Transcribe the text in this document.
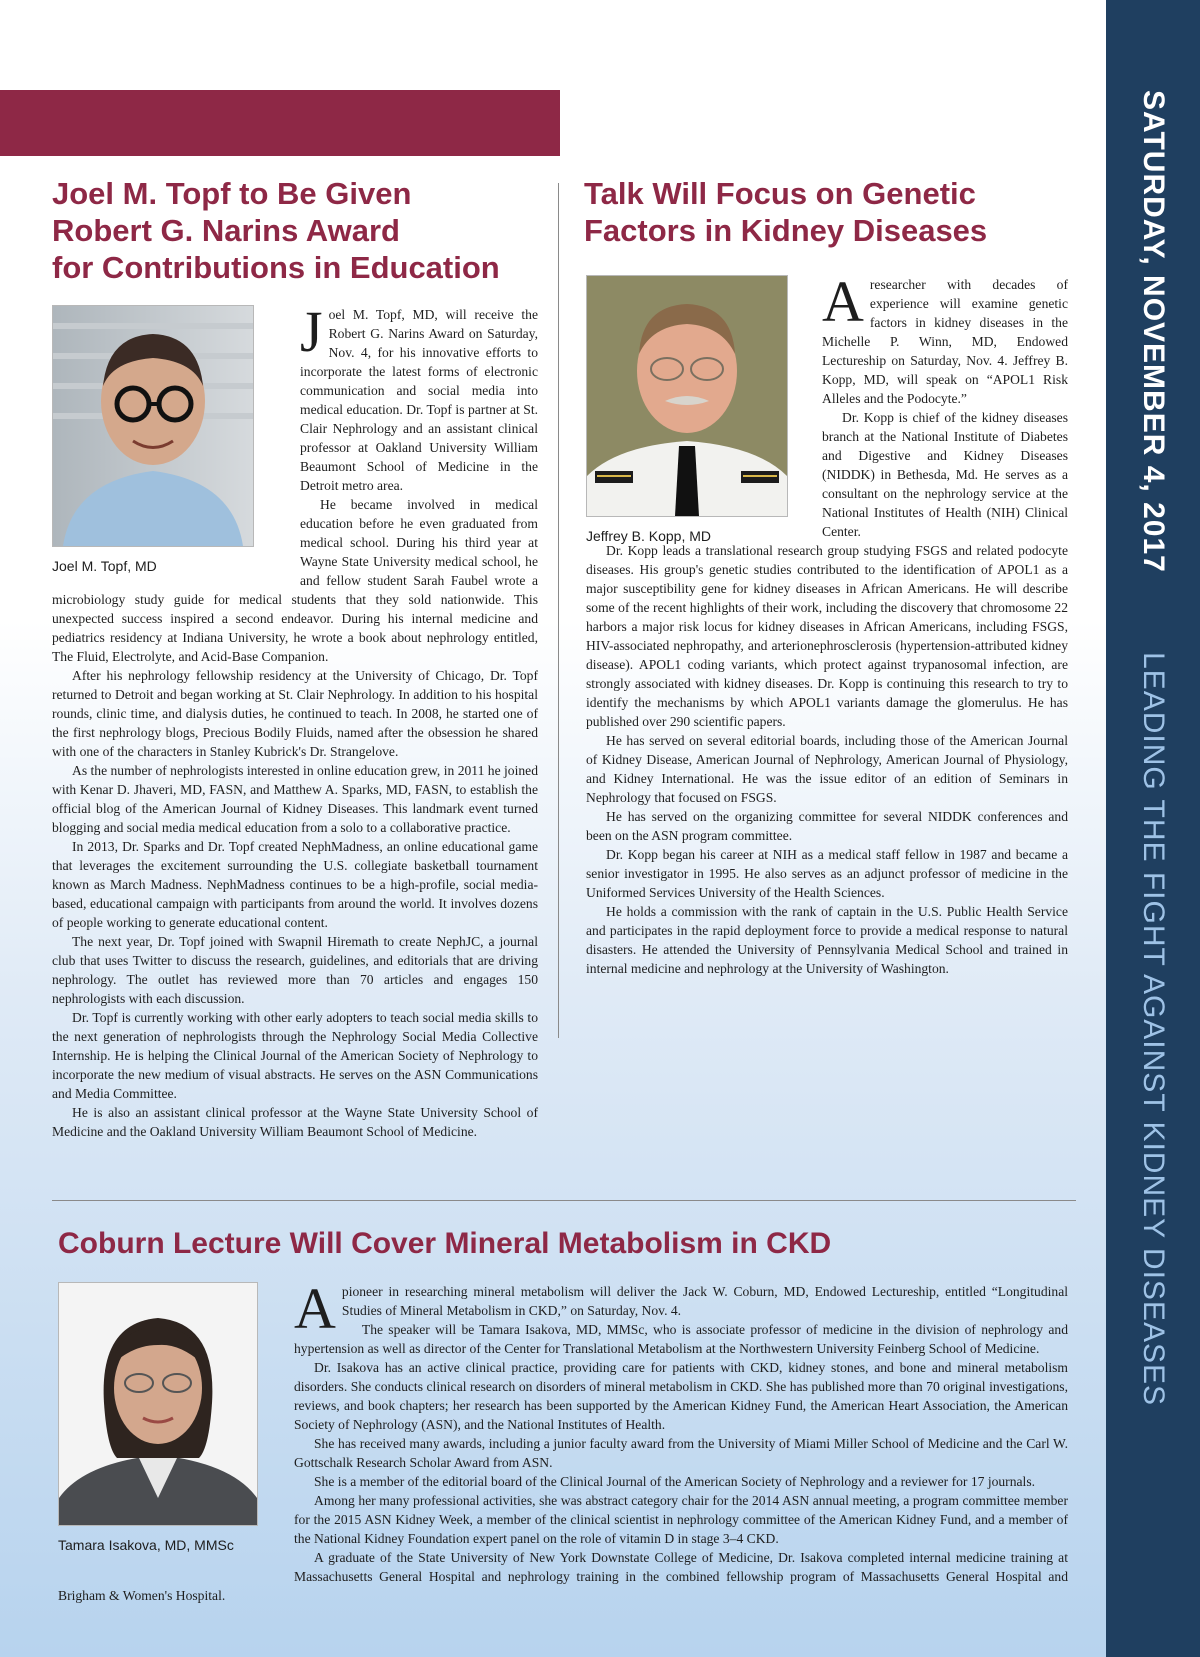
SATURDAY, NOVEMBER 4, 2017 LEADING THE FIGHT AGAINST KIDNEY DISEASES
Joel M. Topf to Be Given
Robert G. Narins Award
for Contributions in Education
Joel M. Topf, MD
J oel M. Topf, MD, will receive the Robert G. Narins Award on Saturday, Nov. 4, for his innovative efforts to incorporate the latest forms of electronic communication and social media into medical education. Dr. Topf is partner at St. Clair Nephrology and an assistant clinical professor at Oakland University William Beaumont School of Medicine in the Detroit metro area.

He became involved in medical education before he even graduated from medical school. During his third year at Wayne State University medical school, he and fellow student Sarah Faubel wrote a microbiology study guide for medical students that they sold nationwide. This unexpected success inspired a second endeavor. During his internal medicine and pediatrics residency at Indiana University, he wrote a book about nephrology entitled, The Fluid, Electrolyte, and Acid-Base Companion.

After his nephrology fellowship residency at the University of Chicago, Dr. Topf returned to Detroit and began working at St. Clair Nephrology. In addition to his hospital rounds, clinic time, and dialysis duties, he continued to teach. In 2008, he started one of the first nephrology blogs, Precious Bodily Fluids, named after the obsession he shared with one of the characters in Stanley Kubrick's Dr. Strangelove.

As the number of nephrologists interested in online education grew, in 2011 he joined with Kenar D. Jhaveri, MD, FASN, and Matthew A. Sparks, MD, FASN, to establish the official blog of the American Journal of Kidney Diseases. This landmark event turned blogging and social media medical education from a solo to a collaborative practice.

In 2013, Dr. Sparks and Dr. Topf created NephMadness, an online educational game that leverages the excitement surrounding the U.S. collegiate basketball tournament known as March Madness. NephMadness continues to be a high-profile, social media-based, educational campaign with participants from around the world. It involves dozens of people working to generate educational content.

The next year, Dr. Topf joined with Swapnil Hiremath to create NephJC, a journal club that uses Twitter to discuss the research, guidelines, and editorials that are driving nephrology. The outlet has reviewed more than 70 articles and engages 150 nephrologists with each discussion.

Dr. Topf is currently working with other early adopters to teach social media skills to the next generation of nephrologists through the Nephrology Social Media Collective Internship. He is helping the Clinical Journal of the American Society of Nephrology to incorporate the new medium of visual abstracts. He serves on the ASN Communications and Media Committee.

He is also an assistant clinical professor at the Wayne State University School of Medicine and the Oakland University William Beaumont School of Medicine.

Talk Will Focus on Genetic
Factors in Kidney Diseases
Jeffrey B. Kopp, MD
A researcher with decades of experience will examine genetic factors in kidney diseases in the Michelle P. Winn, MD, Endowed Lectureship on Saturday, Nov. 4. Jeffrey B. Kopp, MD, will speak on “APOL1 Risk Alleles and the Podocyte.”

Dr. Kopp is chief of the kidney diseases branch at the National Institute of Diabetes and Digestive and Kidney Diseases (NIDDK) in Bethesda, Md. He serves as a consultant on the nephrology service at the National Institutes of Health (NIH) Clinical Center.

Dr. Kopp leads a translational research group studying FSGS and related podocyte diseases. His group's genetic studies contributed to the identification of APOL1 as a major susceptibility gene for kidney diseases in African Americans. He will describe some of the recent highlights of their work, including the discovery that chromosome 22 harbors a major risk locus for kidney diseases in African Americans, including FSGS, HIV-associated nephropathy, and arterionephrosclerosis (hypertension-attributed kidney disease). APOL1 coding variants, which protect against trypanosomal infection, are strongly associated with kidney diseases. Dr. Kopp is continuing this research to try to identify the mechanisms by which APOL1 variants damage the glomerulus. He has published over 290 scientific papers.

He has served on several editorial boards, including those of the American Journal of Kidney Disease, American Journal of Nephrology, American Journal of Physiology, and Kidney International. He was the issue editor of an edition of Seminars in Nephrology that focused on FSGS.

He has served on the organizing committee for several NIDDK conferences and been on the ASN program committee.

Dr. Kopp began his career at NIH as a medical staff fellow in 1987 and became a senior investigator in 1995. He also serves as an adjunct professor of medicine in the Uniformed Services University of the Health Sciences.

He holds a commission with the rank of captain in the U.S. Public Health Service and participates in the rapid deployment force to provide a medical response to natural disasters. He attended the University of Pennsylvania Medical School and trained in internal medicine and nephrology at the University of Washington.

Coburn Lecture Will Cover Mineral Metabolism in CKD
Tamara Isakova, MD, MMSc
A pioneer in researching mineral metabolism will deliver the Jack W. Coburn, MD, Endowed Lectureship, entitled “Longitudinal Studies of Mineral Metabolism in CKD,” on Saturday, Nov. 4.

The speaker will be Tamara Isakova, MD, MMSc, who is associate professor of medicine in the division of nephrology and hypertension as well as director of the Center for Translational Metabolism at the Northwestern University Feinberg School of Medicine.

Dr. Isakova has an active clinical practice, providing care for patients with CKD, kidney stones, and bone and mineral metabolism disorders. She conducts clinical research on disorders of mineral metabolism in CKD. She has published more than 70 original investigations, reviews, and book chapters; her research has been supported by the American Kidney Fund, the American Heart Association, the American Society of Nephrology (ASN), and the National Institutes of Health.

She has received many awards, including a junior faculty award from the University of Miami Miller School of Medicine and the Carl W. Gottschalk Research Scholar Award from ASN.

She is a member of the editorial board of the Clinical Journal of the American Society of Nephrology and a reviewer for 17 journals.

Among her many professional activities, she was abstract category chair for the 2014 ASN annual meeting, a program committee member for the 2015 ASN Kidney Week, a member of the clinical scientist in nephrology committee of the American Kidney Fund, and a member of the National Kidney Foundation expert panel on the role of vitamin D in stage 3–4 CKD.

A graduate of the State University of New York Downstate College of Medicine, Dr. Isakova completed internal medicine training at Massachusetts General Hospital and nephrology training in the combined fellowship program of Massachusetts General Hospital and Brigham & Women's Hospital.
